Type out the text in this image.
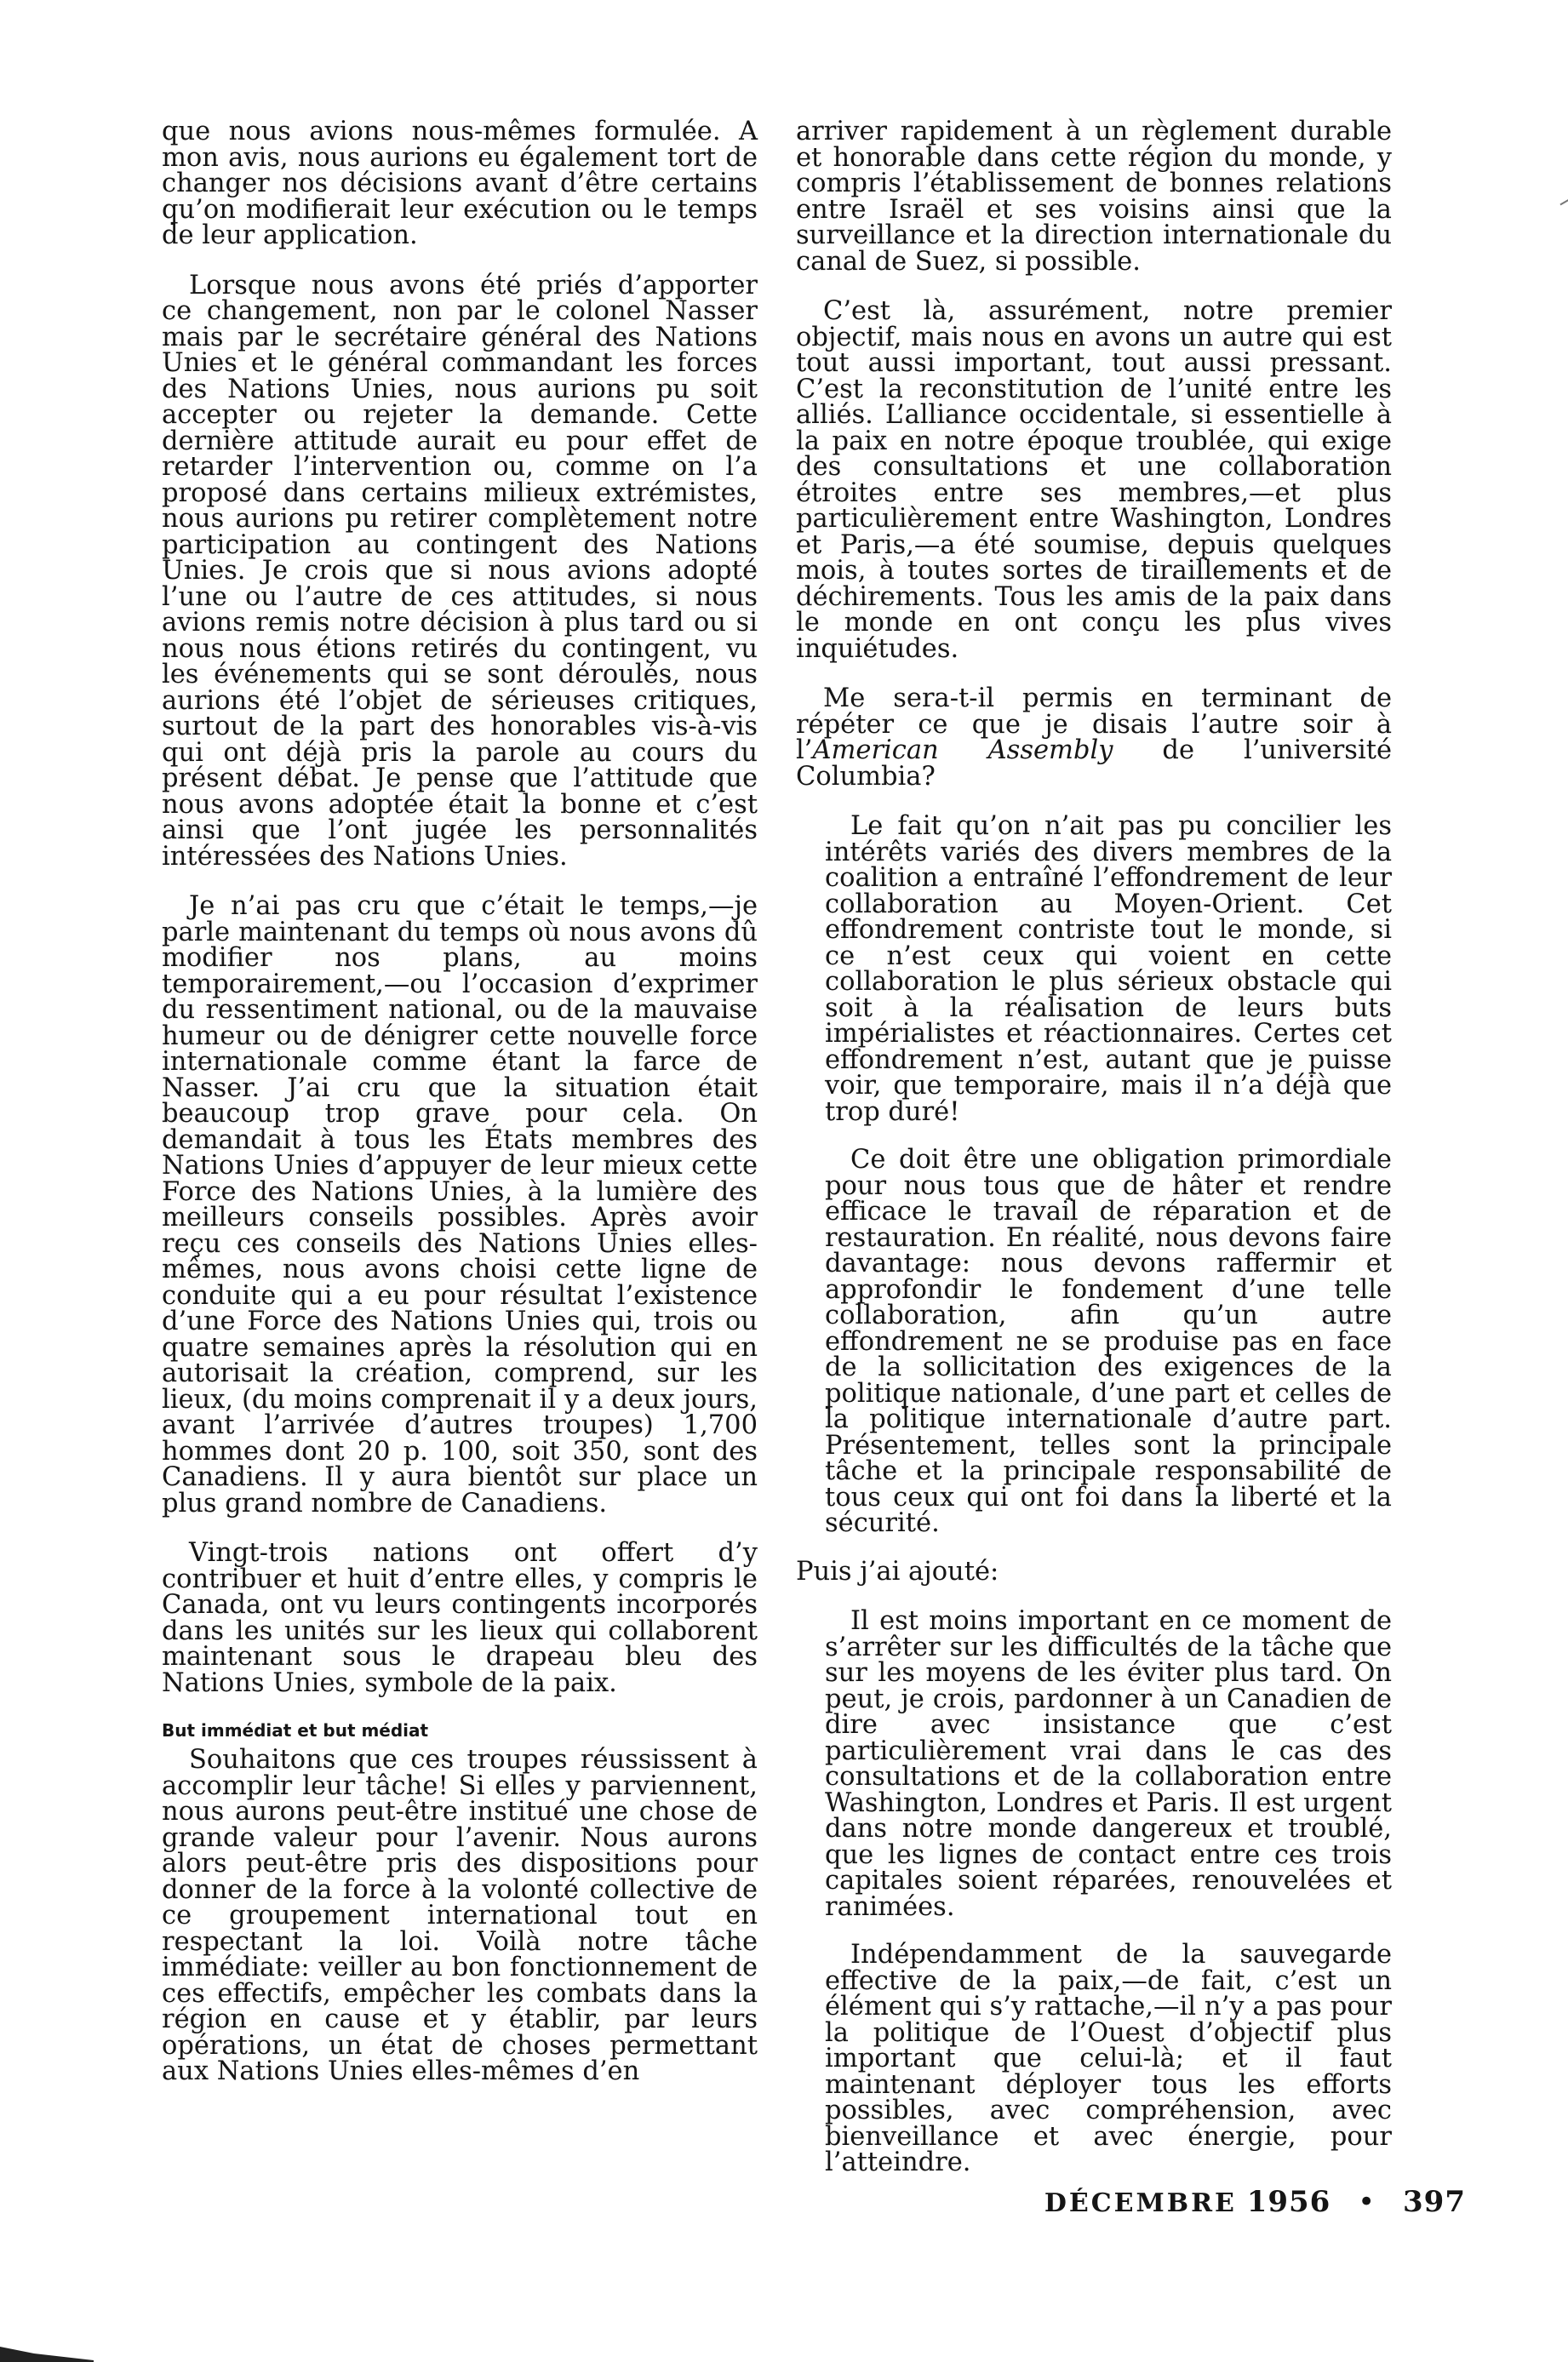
que nous avions nous-mêmes formulée. A mon avis, nous aurions eu également tort de changer nos décisions avant d’être certains qu’on modifierait leur exécution ou le temps de leur application.

Lorsque nous avons été priés d’apporter ce changement, non par le colonel Nasser mais par le secrétaire général des Nations Unies et le général commandant les forces des Nations Unies, nous aurions pu soit accepter ou rejeter la demande. Cette dernière attitude aurait eu pour effet de retarder l’intervention ou, comme on l’a proposé dans certains milieux extrémistes, nous aurions pu retirer complètement notre participation au contingent des Nations Unies. Je crois que si nous avions adopté l’une ou l’autre de ces attitudes, si nous avions remis notre décision à plus tard ou si nous nous étions retirés du contingent, vu les événements qui se sont déroulés, nous aurions été l’objet de sérieuses critiques, surtout de la part des honorables vis-à-vis qui ont déjà pris la parole au cours du présent débat. Je pense que l’attitude que nous avons adoptée était la bonne et c’est ainsi que l’ont jugée les personnalités intéressées des Nations Unies.

Je n’ai pas cru que c’était le temps,—je parle maintenant du temps où nous avons dû modifier nos plans, au moins temporairement,—ou l’occasion d’exprimer du ressentiment national, ou de la mauvaise humeur ou de dénigrer cette nouvelle force internationale comme étant la farce de Nasser. J’ai cru que la situation était beaucoup trop grave pour cela. On demandait à tous les États membres des Nations Unies d’appuyer de leur mieux cette Force des Nations Unies, à la lumière des meilleurs conseils possibles. Après avoir reçu ces conseils des Nations Unies elles-mêmes, nous avons choisi cette ligne de conduite qui a eu pour résultat l’existence d’une Force des Nations Unies qui, trois ou quatre semaines après la résolution qui en autorisait la création, comprend, sur les lieux, (du moins comprenait il y a deux jours, avant l’arrivée d’autres troupes) 1,700 hommes dont 20 p. 100, soit 350, sont des Canadiens. Il y aura bientôt sur place un plus grand nombre de Canadiens.

Vingt-trois nations ont offert d’y contribuer et huit d’entre elles, y compris le Canada, ont vu leurs contingents incorporés dans les unités sur les lieux qui collaborent maintenant sous le drapeau bleu des Nations Unies, symbole de la paix.

But immédiat et but médiat

Souhaitons que ces troupes réussissent à accomplir leur tâche! Si elles y parviennent, nous aurons peut-être institué une chose de grande valeur pour l’avenir. Nous aurons alors peut-être pris des dispositions pour donner de la force à la volonté collective de ce groupement international tout en respectant la loi. Voilà notre tâche immédiate: veiller au bon fonctionnement de ces effectifs, empêcher les combats dans la région en cause et y établir, par leurs opérations, un état de choses permettant aux Nations Unies elles-mêmes d’en

arriver rapidement à un règlement durable et honorable dans cette région du monde, y compris l’établissement de bonnes relations entre Israël et ses voisins ainsi que la surveillance et la direction internationale du canal de Suez, si possible.

C’est là, assurément, notre premier objectif, mais nous en avons un autre qui est tout aussi important, tout aussi pressant. C’est la reconstitution de l’unité entre les alliés. L’alliance occidentale, si essentielle à la paix en notre époque troublée, qui exige des consultations et une collaboration étroites entre ses membres,—et plus particulièrement entre Washington, Londres et Paris,—a été soumise, depuis quelques mois, à toutes sortes de tiraillements et de déchirements. Tous les amis de la paix dans le monde en ont conçu les plus vives inquiétudes.

Me sera-t-il permis en terminant de répéter ce que je disais l’autre soir à l’American Assembly de l’université Columbia?

Le fait qu’on n’ait pas pu concilier les intérêts variés des divers membres de la coalition a entraîné l’effondrement de leur collaboration au Moyen-Orient. Cet effondrement contriste tout le monde, si ce n’est ceux qui voient en cette collaboration le plus sérieux obstacle qui soit à la réalisation de leurs buts impérialistes et réactionnaires. Certes cet effondrement n’est, autant que je puisse voir, que temporaire, mais il n’a déjà que trop duré!

Ce doit être une obligation primordiale pour nous tous que de hâter et rendre efficace le travail de réparation et de restauration. En réalité, nous devons faire davantage: nous devons raffermir et approfondir le fondement d’une telle collaboration, afin qu’un autre effondrement ne se produise pas en face de la sollicitation des exigences de la politique nationale, d’une part et celles de la politique internationale d’autre part. Présentement, telles sont la principale tâche et la principale responsabilité de tous ceux qui ont foi dans la liberté et la sécurité.

Puis j’ai ajouté:

Il est moins important en ce moment de s’arrêter sur les difficultés de la tâche que sur les moyens de les éviter plus tard. On peut, je crois, pardonner à un Canadien de dire avec insistance que c’est particulièrement vrai dans le cas des consultations et de la collaboration entre Washington, Londres et Paris. Il est urgent dans notre monde dangereux et troublé, que les lignes de contact entre ces trois capitales soient réparées, renouvelées et ranimées.

Indépendamment de la sauvegarde effective de la paix,—de fait, c’est un élément qui s’y rattache,—il n’y a pas pour la politique de l’Ouest d’objectif plus important que celui-là; et il faut maintenant déployer tous les efforts possibles, avec compréhension, avec bienveillance et avec énergie, pour l’atteindre.

DÉCEMBRE 1956 • 397
